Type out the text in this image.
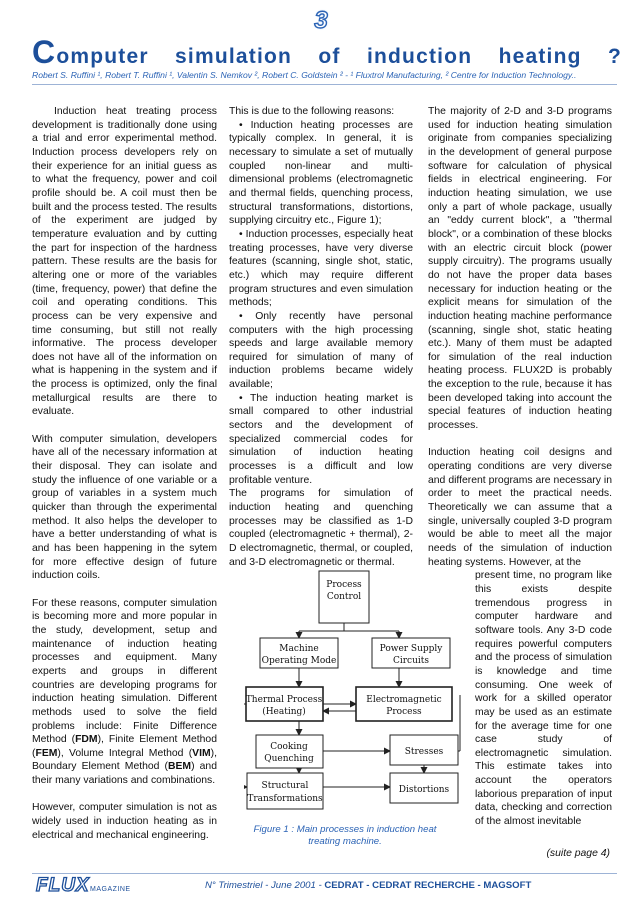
3
Computer simulation of induction heating ?
Robert S. Ruffini ¹, Robert T. Ruffini ¹, Valentin S. Nemkov ², Robert C. Goldstein ² - ¹ Fluxtrol Manufacturing, ² Centre for Induction Technology..

Induction heat treating process development is traditionally done using a trial and error experimental method. Induction process developers rely on their experience for an initial guess as to what the frequency, power and coil profile should be. A coil must then be built and the process tested. The results of the experiment are judged by temperature evaluation and by cutting the part for inspection of the hardness pattern. These results are the basis for altering one or more of the variables (time, frequency, power) that define the coil and operating conditions. This process can be very expensive and time consuming, but still not really informative. The process developer does not have all of the information on what is happening in the system and if the process is optimized, only the final metallurgical results are there to evaluate.

With computer simulation, developers have all of the necessary information at their disposal. They can isolate and study the influence of one variable or a group of variables in a system much quicker than through the experimental method. It also helps the developer to have a better understanding of what is and has been happening in the sytem for more effective design of future induction coils.

For these reasons, computer simulation is becoming more and more popular in the study, development, setup and maintenance of induction heating processes and equipment. Many experts and groups in different countries are developing programs for induction heating simulation. Different methods used to solve the field problems include: Finite Difference Method (FDM), Finite Element Method (FEM), Volume Integral Method (VIM), Boundary Element Method (BEM) and their many variations and combinations.

However, computer simulation is not as widely used in induction heating as in electrical and mechanical engineering.

This is due to the following reasons:

• Induction heating processes are typically complex. In general, it is necessary to simulate a set of mutually coupled non-linear and multi-dimensional problems (electromagnetic and thermal fields, quenching process, structural transformations, distortions, supplying circuitry etc., Figure 1);

• Induction processes, especially heat treating processes, have very diverse features (scanning, single shot, static, etc.) which may require different program structures and even simulation methods;

• Only recently have personal computers with the high processing speeds and large available memory required for simulation of many of induction problems became widely available;

• The induction heating market is small compared to other industrial sectors and the development of specialized commercial codes for simulation of induction heating processes is a difficult and low profitable venture.

The programs for simulation of induction heating and quenching processes may be classified as 1-D coupled (electromagnetic + thermal), 2-D electromagnetic, thermal, or coupled, and 3-D electromagnetic or thermal.

The majority of 2-D and 3-D programs used for induction heating simulation originate from companies specializing in the development of general purpose software for calculation of physical fields in electrical engineering. For induction heating simulation, we use only a part of whole package, usually an "eddy current block", a "thermal block", or a combination of these blocks with an electric circuit block (power supply circuitry). The programs usually do not have the proper data bases necessary for induction heating or the explicit means for simulation of the induction heating machine performance (scanning, single shot, static heating etc.). Many of them must be adapted for simulation of the real induction heating process. FLUX2D is probably the exception to the rule, because it has been developed taking into account the special features of induction heating processes.

Induction heating coil designs and operating conditions are very diverse and different programs are necessary in order to meet the practical needs. Theoretically we can assume that a single, universally coupled 3-D program would be able to meet all the major needs of the simulation of induction heating systems. However, at the

present time, no program like this exists despite tremendous progress in computer hardware and software tools. Any 3-D code requires powerful computers and the process of simulation is knowledge and time consuming. One week of work for a skilled operator may be used as an estimate for the average time for one case study of electromagnetic simulation. This estimate takes into account the operators laborious preparation of input data, checking and correction of the almost inevitable

Process
Control
Machine
Operating Mode
Power Supply
Circuits
Thermal Process
(Heating)
Electromagnetic
Process
Cooking
Quenching
Stresses
Structural
Transformations
Distortions
Figure 1 : Main processes in induction heat treating machine.
(suite page 4)
FLUX MAGAZINE	N° Trimestriel - June 2001 - CEDRAT - CEDRAT RECHERCHE - MAGSOFT
